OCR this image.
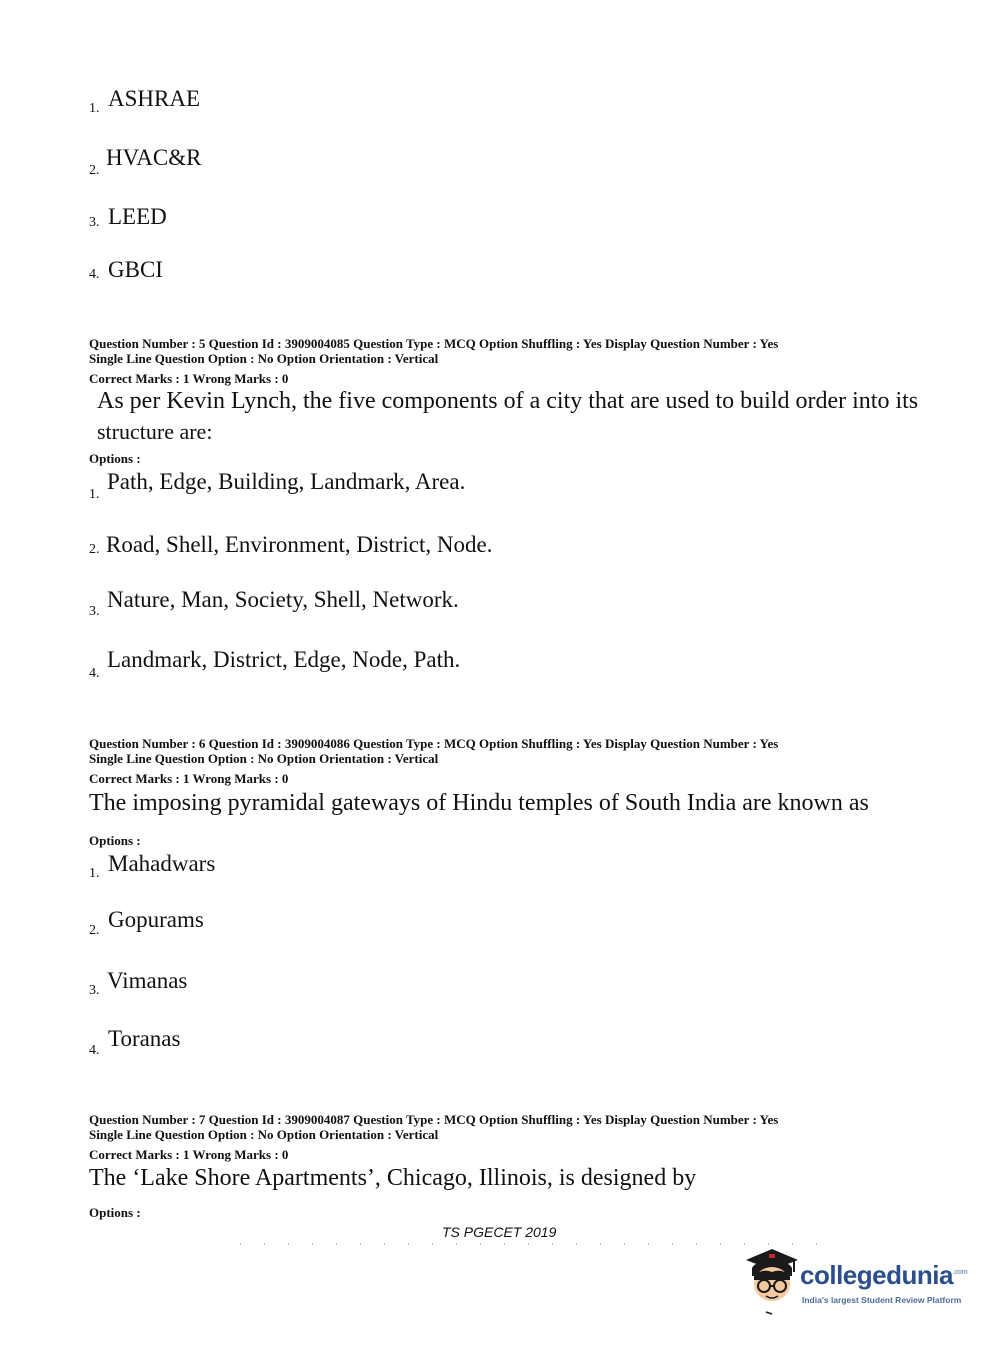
1. ASHRAE
2.
HVAC&R
3. LEED
4. GBCI
Question Number : 5 Question Id : 3909004085 Question Type : MCQ Option Shuffling : Yes Display Question Number : Yes
Single Line Question Option : No Option Orientation : Vertical
Correct Marks : 1 Wrong Marks : 0
As per Kevin Lynch, the five components of a city that are used to build order into its
structure are:
Options :
1.
Path, Edge, Building, Landmark, Area.
2. Road, Shell, Environment, District, Node.
3. Nature, Man, Society, Shell, Network.
4.
Landmark, District, Edge, Node, Path.
Question Number : 6 Question Id : 3909004086 Question Type : MCQ Option Shuffling : Yes Display Question Number : Yes
Single Line Question Option : No Option Orientation : Vertical
Correct Marks : 1 Wrong Marks : 0
The imposing pyramidal gateways of Hindu temples of South India are known as
Options :
1. Mahadwars
2. Gopurams
3. Vimanas
4. Toranas
Question Number : 7 Question Id : 3909004087 Question Type : MCQ Option Shuffling : Yes Display Question Number : Yes
Single Line Question Option : No Option Orientation : Vertical
Correct Marks : 1 Wrong Marks : 0
The ‘Lake Shore Apartments’, Chicago, Illinois, is designed by
Options :
TS PGECET 2019
collegedunia$^{.com}$
India's largest Student Review Platform
